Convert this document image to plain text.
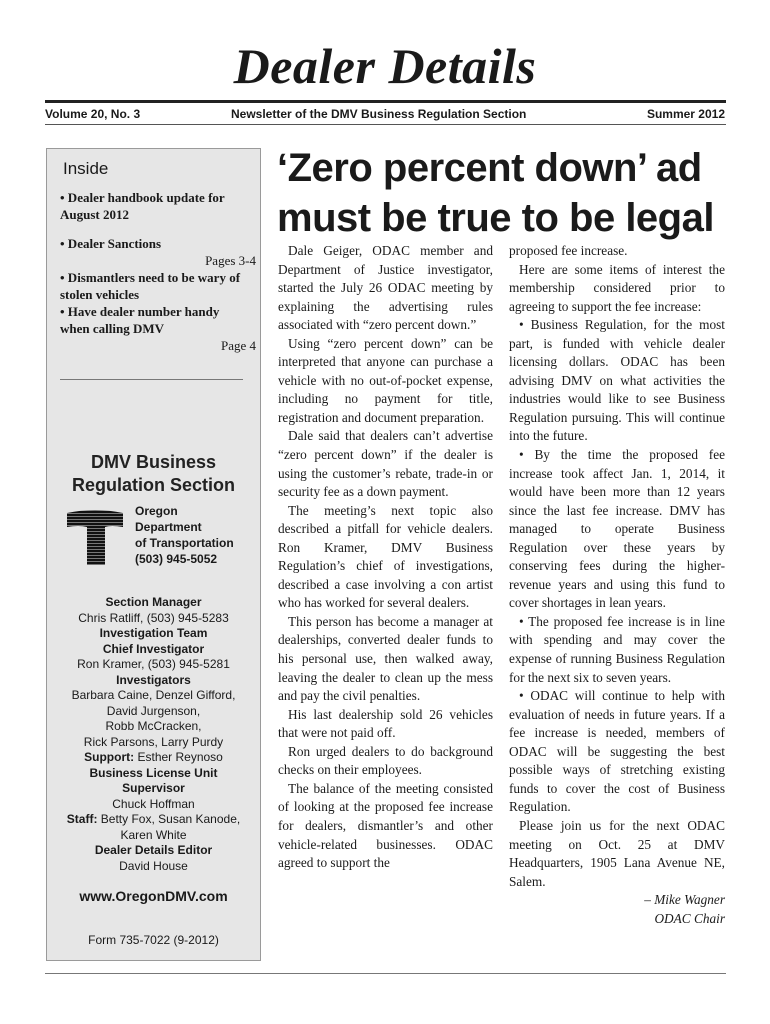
Dealer Details
Volume 20, No. 3	Newsletter of the DMV Business Regulation Section	Summer 2012
Inside
• Dealer handbook update for August 2012
• Dealer Sanctions
Pages 3-4
• Dismantlers need to be wary of stolen vehicles
• Have dealer number handy when calling DMV
Page 4
DMV Business Regulation Section
Oregon
Department
of Transportation
(503) 945-5052
Section Manager
Chris Ratliff, (503) 945-5283
Investigation Team
Chief Investigator
Ron Kramer, (503) 945-5281
Investigators
Barbara Caine, Denzel Gifford,
David Jurgenson,
Robb McCracken,
Rick Parsons, Larry Purdy
Support: Esther Reynoso
Business License Unit
Supervisor
Chuck Hoffman
Staff: Betty Fox, Susan Kanode,
Karen White
Dealer Details Editor
David House
www.OregonDMV.com
Form 735-7022 (9-2012)
‘Zero percent down’ ad must be true to be legal

Dale Geiger, ODAC member and Department of Justice investigator, started the July 26 ODAC meeting by explaining the advertising rules associated with “zero percent down.”

Using “zero percent down” can be interpreted that anyone can purchase a vehicle with no out-of-pocket expense, including no payment for title, registration and document preparation.

Dale said that dealers can’t advertise “zero percent down” if the dealer is using the customer’s rebate, trade-in or security fee as a down payment.

The meeting’s next topic also described a pitfall for vehicle dealers. Ron Kramer, DMV Business Regulation’s chief of investigations, described a case involving a con artist who has worked for several dealers.

This person has become a manager at dealerships, converted dealer funds to his personal use, then walked away, leaving the dealer to clean up the mess and pay the civil penalties.

His last dealership sold 26 vehicles that were not paid off.

Ron urged dealers to do background checks on their employees.

The balance of the meeting consisted of looking at the proposed fee increase for dealers, dismantler’s and other vehicle-related businesses. ODAC agreed to support the

proposed fee increase.

Here are some items of interest the membership considered prior to agreeing to support the fee increase:

• Business Regulation, for the most part, is funded with vehicle dealer licensing dollars. ODAC has been advising DMV on what activities the industries would like to see Business Regulation pursuing. This will continue into the future.

• By the time the proposed fee increase took affect Jan. 1, 2014, it would have been more than 12 years since the last fee increase. DMV has managed to operate Business Regulation over these years by conserving fees during the higher-revenue years and using this fund to cover shortages in lean years.

• The proposed fee increase is in line with spending and may cover the expense of running Business Regulation for the next six to seven years.

• ODAC will continue to help with evaluation of needs in future years. If a fee increase is needed, members of ODAC will be suggesting the best possible ways of stretching existing funds to cover the cost of Business Regulation.

Please join us for the next ODAC meeting on Oct. 25 at DMV Headquarters, 1905 Lana Avenue NE, Salem.

– Mike Wagner

ODAC Chair
